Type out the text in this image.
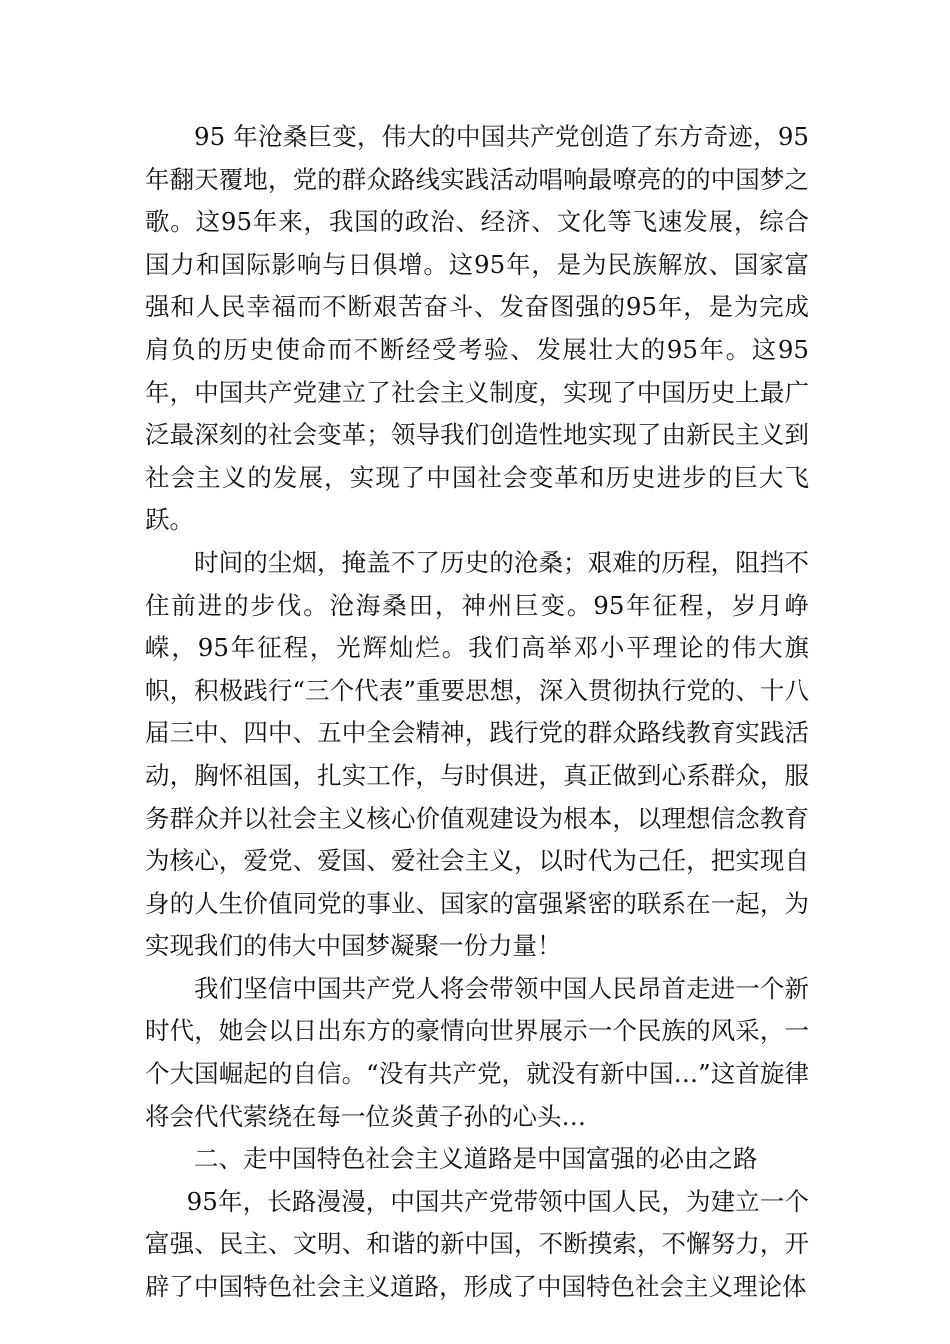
95 年沧桑巨变，伟大的中国共产党创造了东方奇迹，95年翻天覆地，党的群众路线实践活动唱响最嘹亮的的中国梦之歌。这95年来，我国的政治、经济、文化等飞速发展，综合国力和国际影响与日俱增。这95年，是为民族解放、国家富强和人民幸福而不断艰苦奋斗、发奋图强的95年，是为完成肩负的历史使命而不断经受考验、发展壮大的95年。这95年，中国共产党建立了社会主义制度，实现了中国历史上最广泛最深刻的社会变革；领导我们创造性地实现了由新民主义到社会主义的发展，实现了中国社会变革和历史进步的巨大飞跃。

时间的尘烟，掩盖不了历史的沧桑；艰难的历程，阻挡不住前进的步伐。沧海桑田，神州巨变。95年征程，岁月峥嵘，95年征程，光辉灿烂。我们高举邓小平理论的伟大旗帜，积极践行“三个代表”重要思想，深入贯彻执行党的、十八届三中、四中、五中全会精神，践行党的群众路线教育实践活动，胸怀祖国，扎实工作，与时俱进，真正做到心系群众，服务群众并以社会主义核心价值观建设为根本，以理想信念教育为核心，爱党、爱国、爱社会主义，以时代为己任，把实现自身的人生价值同党的事业、国家的富强紧密的联系在一起，为实现我们的伟大中国梦凝聚一份力量！

我们坚信中国共产党人将会带领中国人民昂首走进一个新时代，她会以日出东方的豪情向世界展示一个民族的风采，一个大国崛起的自信。“没有共产党，就没有新中国…”这首旋律将会代代萦绕在每一位炎黄子孙的心头…

二、走中国特色社会主义道路是中国富强的必由之路

95年，长路漫漫，中国共产党带领中国人民，为建立一个富强、民主、文明、和谐的新中国，不断摸索，不懈努力，开辟了中国特色社会主义道路，形成了中国特色社会主义理论体
